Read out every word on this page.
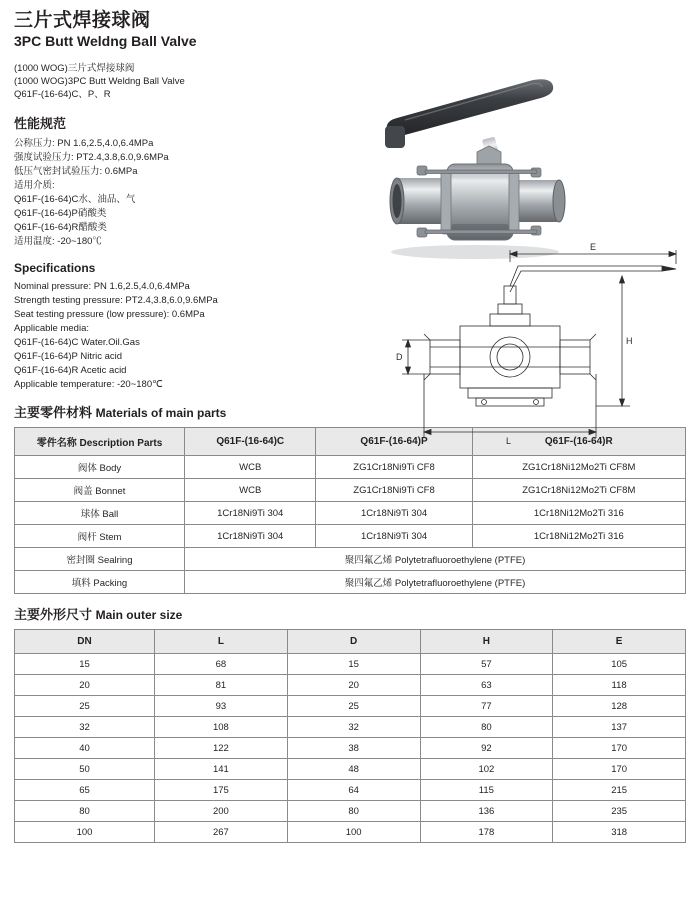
三片式焊接球阀
3PC Butt Weldng Ball Valve
(1000 WOG)三片式焊接球阀
(1000 WOG)3PC Butt Weldng Ball Valve
Q61F-(16-64)C、P、R
性能规范
公称压力: PN 1.6,2.5,4.0,6.4MPa
强度试验压力: PT2.4,3.8,6.0,9.6MPa
低压气密封试验压力: 0.6MPa
适用介质:
Q61F-(16-64)C水、油品、气
Q61F-(16-64)P硝酸类
Q61F-(16-64)R醋酸类
适用温度: -20~180℃
Specifications
Nominal pressure: PN 1.6,2.5,4.0,6.4MPa
Strength testing pressure: PT2.4,3.8,6.0,9.6MPa
Seat testing pressure (low pressure): 0.6MPa
Applicable media:
Q61F-(16-64)C Water.Oil.Gas
Q61F-(16-64)P Nitric acid
Q61F-(16-64)R Acetic acid
Applicable temperature: -20~180℃
E
H
D
L
主要零件材料 Materials of main parts
零件名称 Description Parts	Q61F-(16-64)C	Q61F-(16-64)P	Q61F-(16-64)R
阀体 Body	WCB	ZG1Cr18Ni9Ti CF8	ZG1Cr18Ni12Mo2Ti CF8M
阀盖 Bonnet	WCB	ZG1Cr18Ni9Ti CF8	ZG1Cr18Ni12Mo2Ti CF8M
球体 Ball	1Cr18Ni9Ti 304	1Cr18Ni9Ti 304	1Cr18Ni12Mo2Ti 316
阀杆 Stem	1Cr18Ni9Ti 304	1Cr18Ni9Ti 304	1Cr18Ni12Mo2Ti 316
密封圈 Sealring	聚四氟乙烯 Polytetrafluoroethylene (PTFE)		
填料 Packing	聚四氟乙烯 Polytetrafluoroethylene (PTFE)		
主要外形尺寸 Main outer size
DN	L	D	H	E
15	68	15	57	105
20	81	20	63	118
25	93	25	77	128
32	108	32	80	137
40	122	38	92	170
50	141	48	102	170
65	175	64	115	215
80	200	80	136	235
100	267	100	178	318
